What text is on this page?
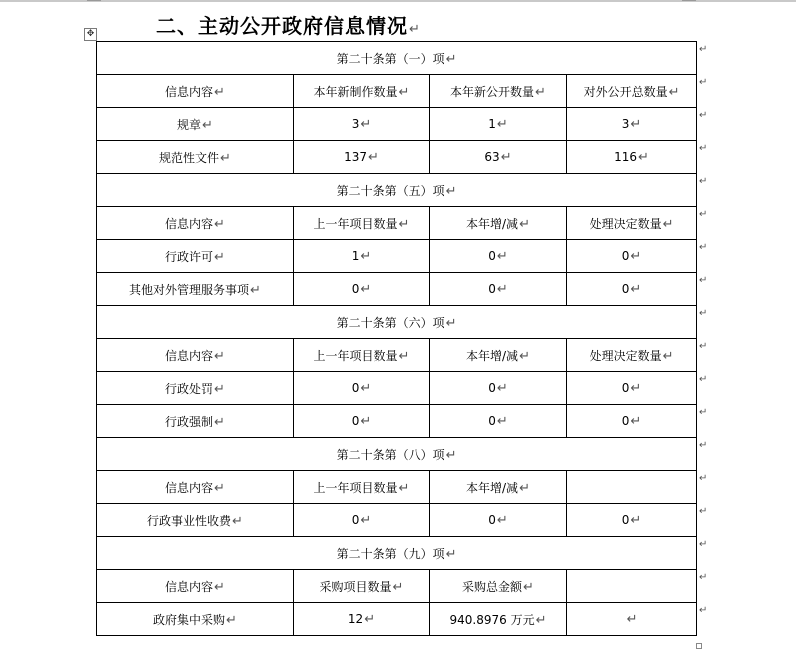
✥	二、主动公开政府信息情况↵
第二十条第（一）项↵			
信息内容↵	本年新制作数量↵	本年新公开数量↵	对外公开总数量↵
规章↵	3↵	1↵	3↵
规范性文件↵	137↵	63↵	116↵
第二十条第（五）项↵			
信息内容↵	上一年项目数量↵	本年增/减↵	处理决定数量↵
行政许可↵	1↵	0↵	0↵
其他对外管理服务事项↵	0↵	0↵	0↵
第二十条第（六）项↵			
信息内容↵	上一年项目数量↵	本年增/减↵	处理决定数量↵
行政处罚↵	0↵	0↵	0↵
行政强制↵	0↵	0↵	0↵
第二十条第（八）项↵			
信息内容↵	上一年项目数量↵	本年增/减↵	
行政事业性收费↵	0↵	0↵	0↵
第二十条第（九）项↵			
信息内容↵	采购项目数量↵	采购总金额↵	
政府集中采购↵	12↵	940.8976 万元↵	↵
↵
↵
↵
↵
↵
↵
↵
↵
↵
↵
↵
↵
↵
↵
↵
↵
↵
↵
